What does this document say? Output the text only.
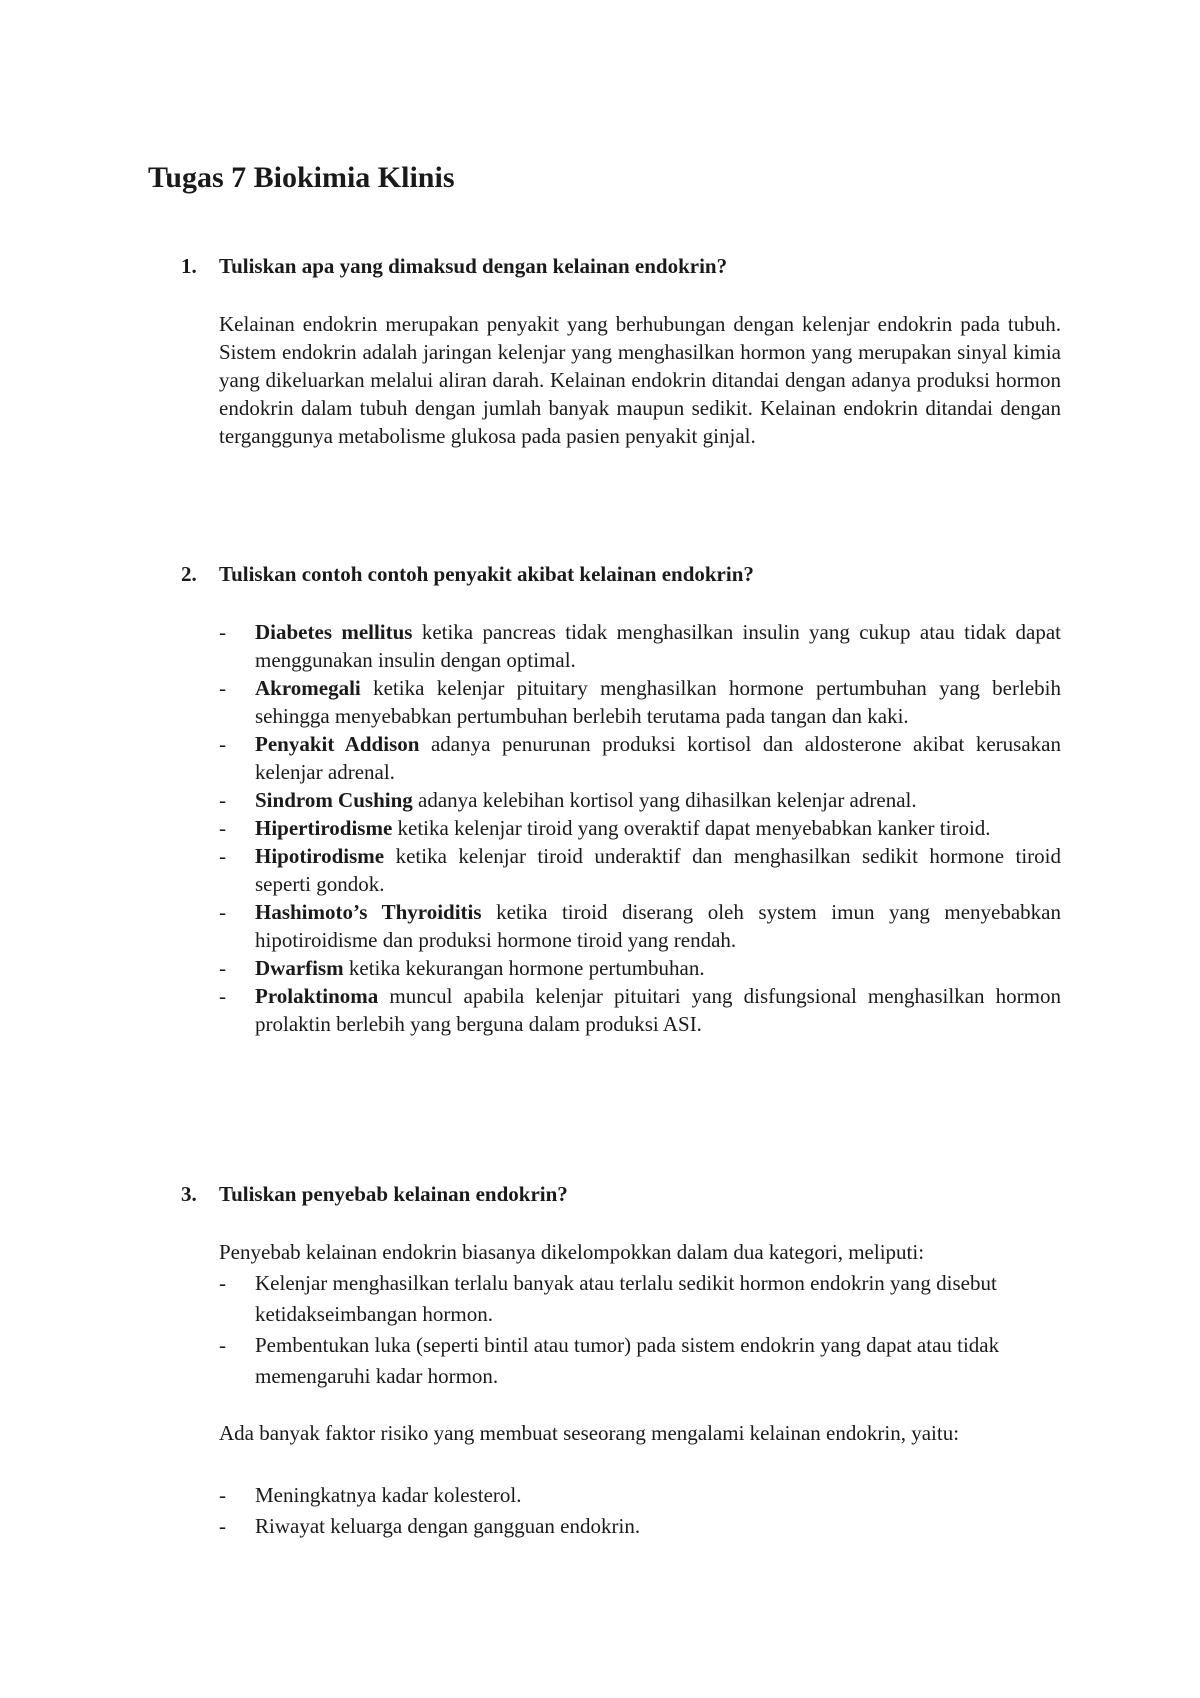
Tugas 7 Biokimia Klinis
1. Tuliskan apa yang dimaksud dengan kelainan endokrin?

Kelainan endokrin merupakan penyakit yang berhubungan dengan kelenjar endokrin pada tubuh. Sistem endokrin adalah jaringan kelenjar yang menghasilkan hormon yang merupakan sinyal kimia yang dikeluarkan melalui aliran darah. Kelainan endokrin ditandai dengan adanya produksi hormon endokrin dalam tubuh dengan jumlah banyak maupun sedikit. Kelainan endokrin ditandai dengan terganggunya metabolisme glukosa pada pasien penyakit ginjal.

2. Tuliskan contoh contoh penyakit akibat kelainan endokrin?
- Diabetes mellitus ketika pancreas tidak menghasilkan insulin yang cukup atau tidak dapat menggunakan insulin dengan optimal.
- Akromegali ketika kelenjar pituitary menghasilkan hormone pertumbuhan yang berlebih sehingga menyebabkan pertumbuhan berlebih terutama pada tangan dan kaki.
- Penyakit Addison adanya penurunan produksi kortisol dan aldosterone akibat kerusakan kelenjar adrenal.
- Sindrom Cushing adanya kelebihan kortisol yang dihasilkan kelenjar adrenal.
- Hipertirodisme ketika kelenjar tiroid yang overaktif dapat menyebabkan kanker tiroid.
- Hipotirodisme ketika kelenjar tiroid underaktif dan menghasilkan sedikit hormone tiroid seperti gondok.
- Hashimoto’s Thyroiditis ketika tiroid diserang oleh system imun yang menyebabkan hipotiroidisme dan produksi hormone tiroid yang rendah.
- Dwarfism ketika kekurangan hormone pertumbuhan.
- Prolaktinoma muncul apabila kelenjar pituitari yang disfungsional menghasilkan hormon prolaktin berlebih yang berguna dalam produksi ASI.
3. Tuliskan penyebab kelainan endokrin?

Penyebab kelainan endokrin biasanya dikelompokkan dalam dua kategori, meliputi:

- Kelenjar menghasilkan terlalu banyak atau terlalu sedikit hormon endokrin yang disebut ketidakseimbangan hormon.
- Pembentukan luka (seperti bintil atau tumor) pada sistem endokrin yang dapat atau tidak memengaruhi kadar hormon.

Ada banyak faktor risiko yang membuat seseorang mengalami kelainan endokrin, yaitu:

- Meningkatnya kadar kolesterol.
- Riwayat keluarga dengan gangguan endokrin.
